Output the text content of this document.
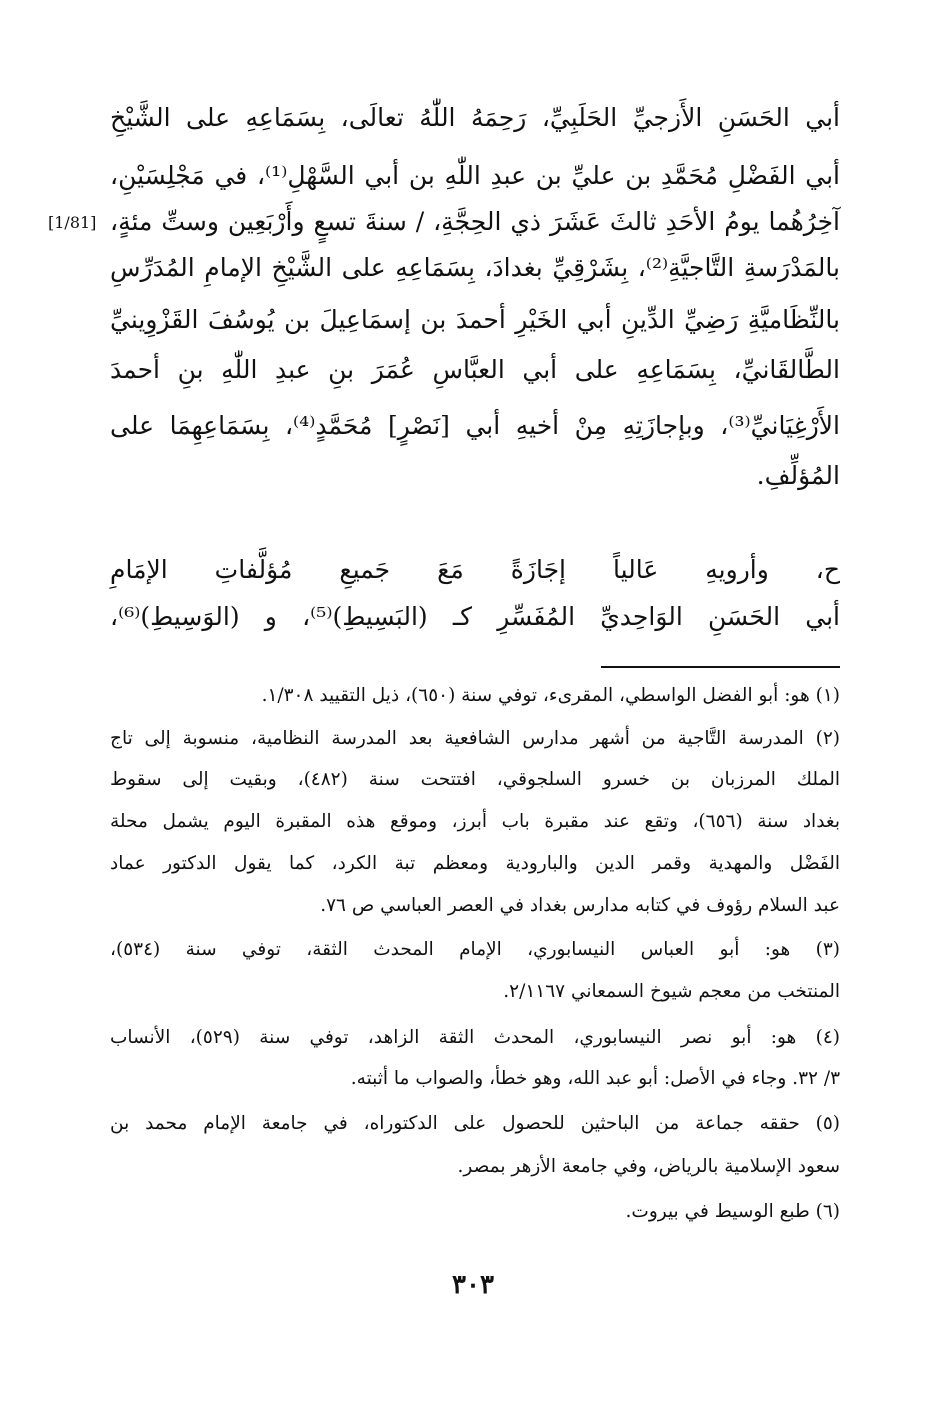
أبي الحَسَنِ الأَزجيِّ الحَلَبِيِّ، رَحِمَهُ اللّٰهُ تعالَى، بِسَمَاعِهِ على الشَّيْخِ
أبي الفَضْلِ مُحَمَّدِ بن عليِّ بن عبدِ اللّٰهِ بن أبي السَّهْلِ⁽¹⁾، في مَجْلِسَيْنِ،
آخِرُهُما يومُ الأحَدِ ثالثَ عَشَرَ ذي الحِجَّةِ، / سنةَ تسعٍ وأَرْبَعِين وستِّ مئةٍ،
[1/81]
بالمَدْرَسةِ التَّاجيَّةِ⁽²⁾، بِشَرْقِيِّ بغدادَ، بِسَمَاعِهِ على الشَّيْخِ الإمامِ المُدَرِّسِ
بالنِّظَاميَّةِ رَضِيِّ الدِّينِ أبي الخَيْرِ أحمدَ بن إسمَاعِيلَ بن يُوسُفَ القَزْوِينيِّ
الطَّالقَانيِّ، بِسَمَاعِهِ على أبي العبَّاسِ عُمَرَ بنِ عبدِ اللّٰهِ بنِ أحمدَ
الأَرْغِيَانيِّ⁽³⁾، وبإجازَتِهِ مِنْ أخيهِ أبي [نَصْرٍ] مُحَمَّدٍ⁽⁴⁾، بِسَمَاعِهِمَا على
المُؤلِّفِ.
ح، وأرويهِ عَالياً إجَازَةً مَعَ جَميعِ مُؤلَّفاتِ الإمَامِ
أبي الحَسَنِ الوَاحِديِّ المُفَسِّرِ كـ (البَسِيطِ)⁽⁵⁾، و (الوَسِيطِ)⁽⁶⁾،
(١) هو: أبو الفضل الواسطي، المقرىء، توفي سنة (٦٥٠)، ذيل التقييد ١/٣٠٨.
(٢) المدرسة التَّاجية من أشهر مدارس الشافعية بعد المدرسة النظامية، منسوبة إلى تاج
الملك المرزبان بن خسرو السلجوقي، افتتحت سنة (٤٨٢)، وبقيت إلى سقوط
بغداد سنة (٦٥٦)، وتقع عند مقبرة باب أبرز، وموقع هذه المقبرة اليوم يشمل محلة
الفَضْل والمهدية وقمر الدين والبارودية ومعظم تبة الكرد، كما يقول الدكتور عماد
عبد السلام رؤوف في كتابه مدارس بغداد في العصر العباسي ص ٧٦.
(٣) هو: أبو العباس النيسابوري، الإمام المحدث الثقة، توفي سنة (٥٣٤)،
المنتخب من معجم شيوخ السمعاني ٢/١١٦٧.
(٤) هو: أبو نصر النيسابوري، المحدث الثقة الزاهد، توفي سنة (٥٢٩)، الأنساب
٣/ ٣٢. وجاء في الأصل: أبو عبد الله، وهو خطأ، والصواب ما أثبته.
(٥) حققه جماعة من الباحثين للحصول على الدكتوراه، في جامعة الإمام محمد بن
سعود الإسلامية بالرياض، وفي جامعة الأزهر بمصر.
(٦) طبع الوسيط في بيروت.
٣٠٣
